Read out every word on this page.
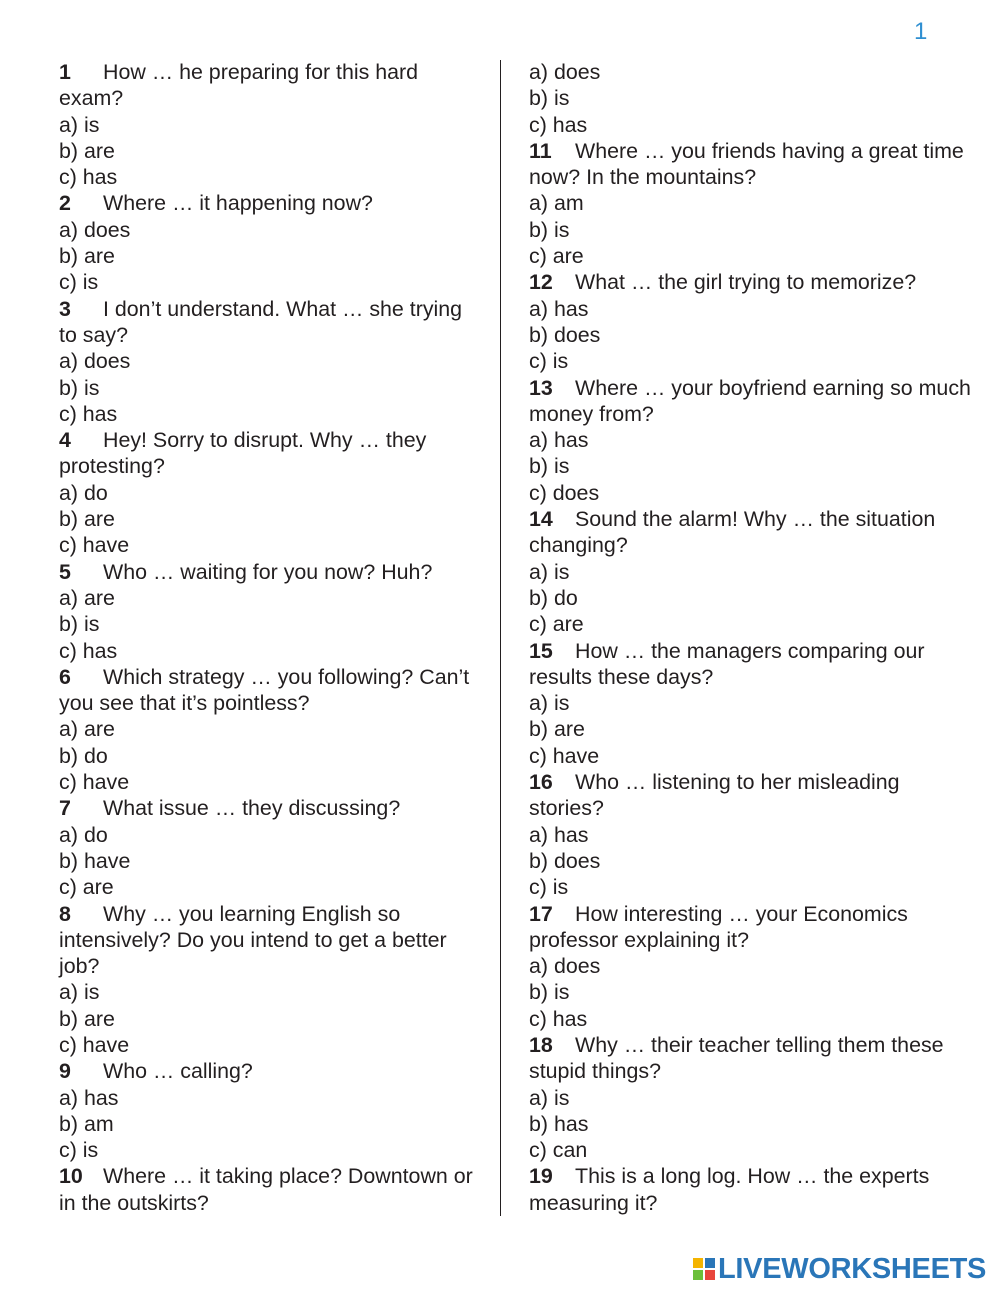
1
1 How … he preparing for this hard exam?
a) is
b) are
c) has
2 Where … it happening now?
a) does
b) are
c) is
3 I don’t understand. What … she trying to say?
a) does
b) is
c) has
4 Hey! Sorry to disrupt. Why … they protesting?
a) do
b) are
c) have
5 Who … waiting for you now? Huh?
a) are
b) is
c) has
6 Which strategy … you following? Can’t you see that it’s pointless?
a) are
b) do
c) have
7 What issue … they discussing?
a) do
b) have
c) are
8 Why … you learning English so intensively? Do you intend to get a better job?
a) is
b) are
c) have
9 Who … calling?
a) has
b) am
c) is
10 Where … it taking place? Downtown or in the outskirts?
a) does
b) is
c) has
11 Where … you friends having a great time now? In the mountains?
a) am
b) is
c) are
12 What … the girl trying to memorize?
a) has
b) does
c) is
13 Where … your boyfriend earning so much money from?
a) has
b) is
c) does
14 Sound the alarm! Why … the situation changing?
a) is
b) do
c) are
15 How … the managers comparing our results these days?
a) is
b) are
c) have
16 Who … listening to her misleading stories?
a) has
b) does
c) is
17 How interesting … your Economics professor explaining it?
a) does
b) is
c) has
18 Why … their teacher telling them these stupid things?
a) is
b) has
c) can
19 This is a long log. How … the experts measuring it?
LIVEWORKSHEETS
